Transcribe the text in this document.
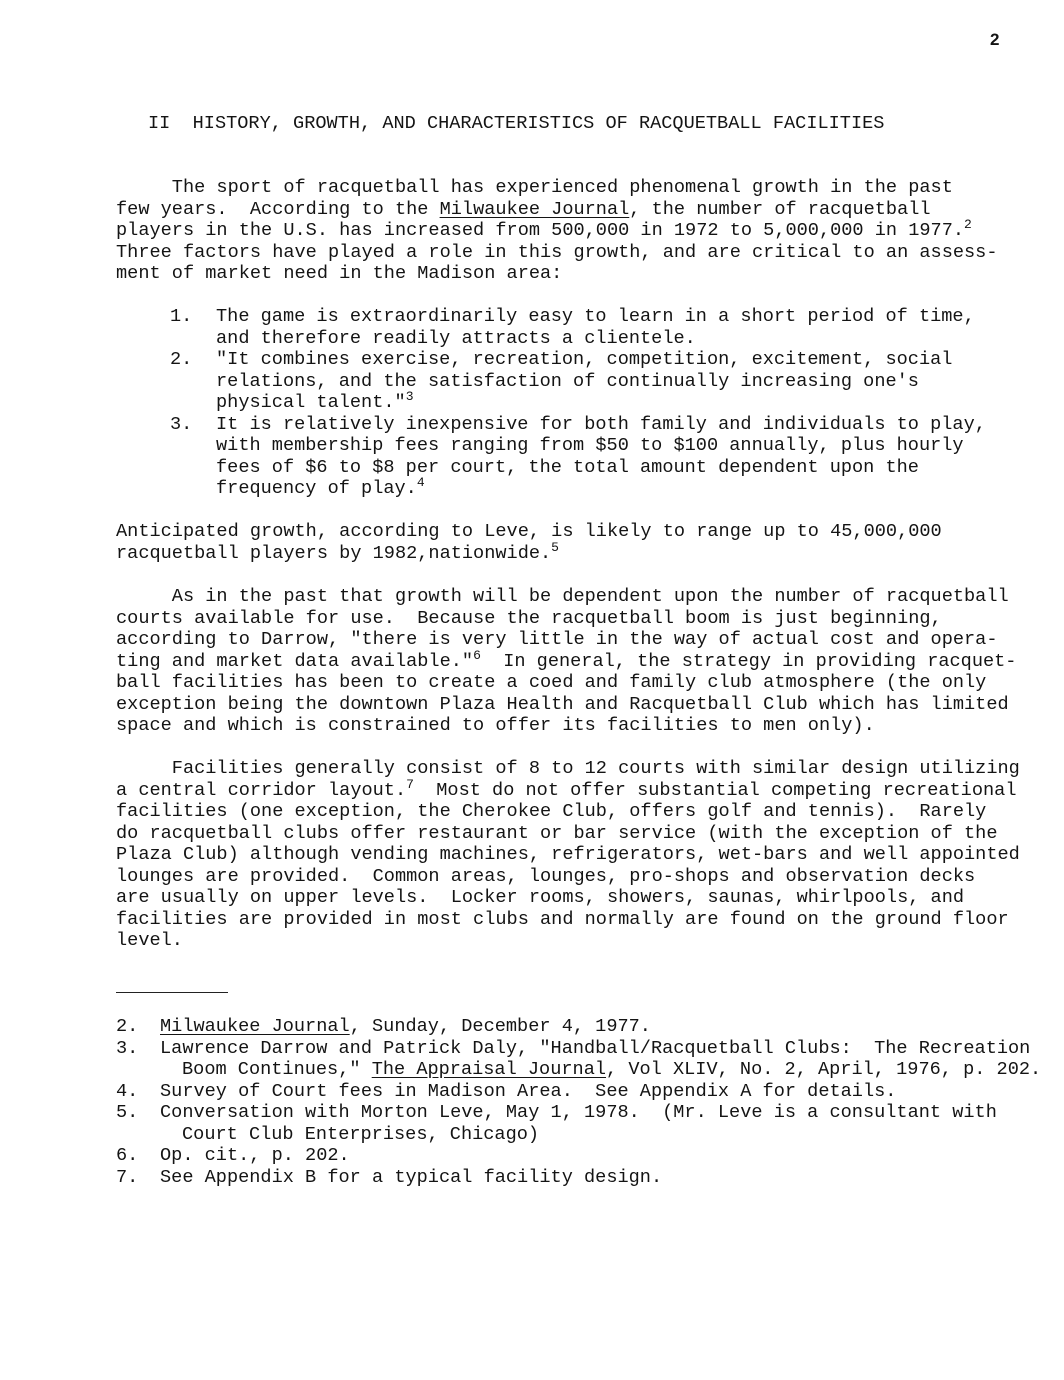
2
II  HISTORY, GROWTH, AND CHARACTERISTICS OF RACQUETBALL FACILITIES
The sport of racquetball has experienced phenomenal growth in the past
few years.  According to the Milwaukee Journal, the number of racquetball
players in the U.S. has increased from 500,000 in 1972 to 5,000,000 in 1977.$^2$
Three factors have played a role in this growth, and are critical to an assess-
ment of market need in the Madison area:
1. The game is extraordinarily easy to learn in a short period of time,
and therefore readily attracts a clientele.
2. "It combines exercise, recreation, competition, excitement, social
relations, and the satisfaction of continually increasing one's
physical talent."$^3$
3. It is relatively inexpensive for both family and individuals to play,
with membership fees ranging from $50 to $100 annually, plus hourly
fees of $6 to $8 per court, the total amount dependent upon the
frequency of play.$^4$
Anticipated growth, according to Leve, is likely to range up to 45,000,000
racquetball players by 1982,nationwide.$^5$
As in the past that growth will be dependent upon the number of racquetball
courts available for use.  Because the racquetball boom is just beginning,
according to Darrow, "there is very little in the way of actual cost and opera-
ting and market data available."$^6$  In general, the strategy in providing racquet-
ball facilities has been to create a coed and family club atmosphere (the only
exception being the downtown Plaza Health and Racquetball Club which has limited
space and which is constrained to offer its facilities to men only).
Facilities generally consist of 8 to 12 courts with similar design utilizing
a central corridor layout.$^7$  Most do not offer substantial competing recreational
facilities (one exception, the Cherokee Club, offers golf and tennis).  Rarely
do racquetball clubs offer restaurant or bar service (with the exception of the
Plaza Club) although vending machines, refrigerators, wet-bars and well appointed
lounges are provided.  Common areas, lounges, pro-shops and observation decks
are usually on upper levels.  Locker rooms, showers, saunas, whirlpools, and
facilities are provided in most clubs and normally are found on the ground floor
level.
2. Milwaukee Journal, Sunday, December 4, 1977.
3. Lawrence Darrow and Patrick Daly, "Handball/Racquetball Clubs:  The Recreation
Boom Continues," The Appraisal Journal, Vol XLIV, No. 2, April, 1976, p. 202.
4. Survey of Court fees in Madison Area.  See Appendix A for details.
5. Conversation with Morton Leve, May 1, 1978.  (Mr. Leve is a consultant with
Court Club Enterprises, Chicago)
6. Op. cit., p. 202.
7. See Appendix B for a typical facility design.
